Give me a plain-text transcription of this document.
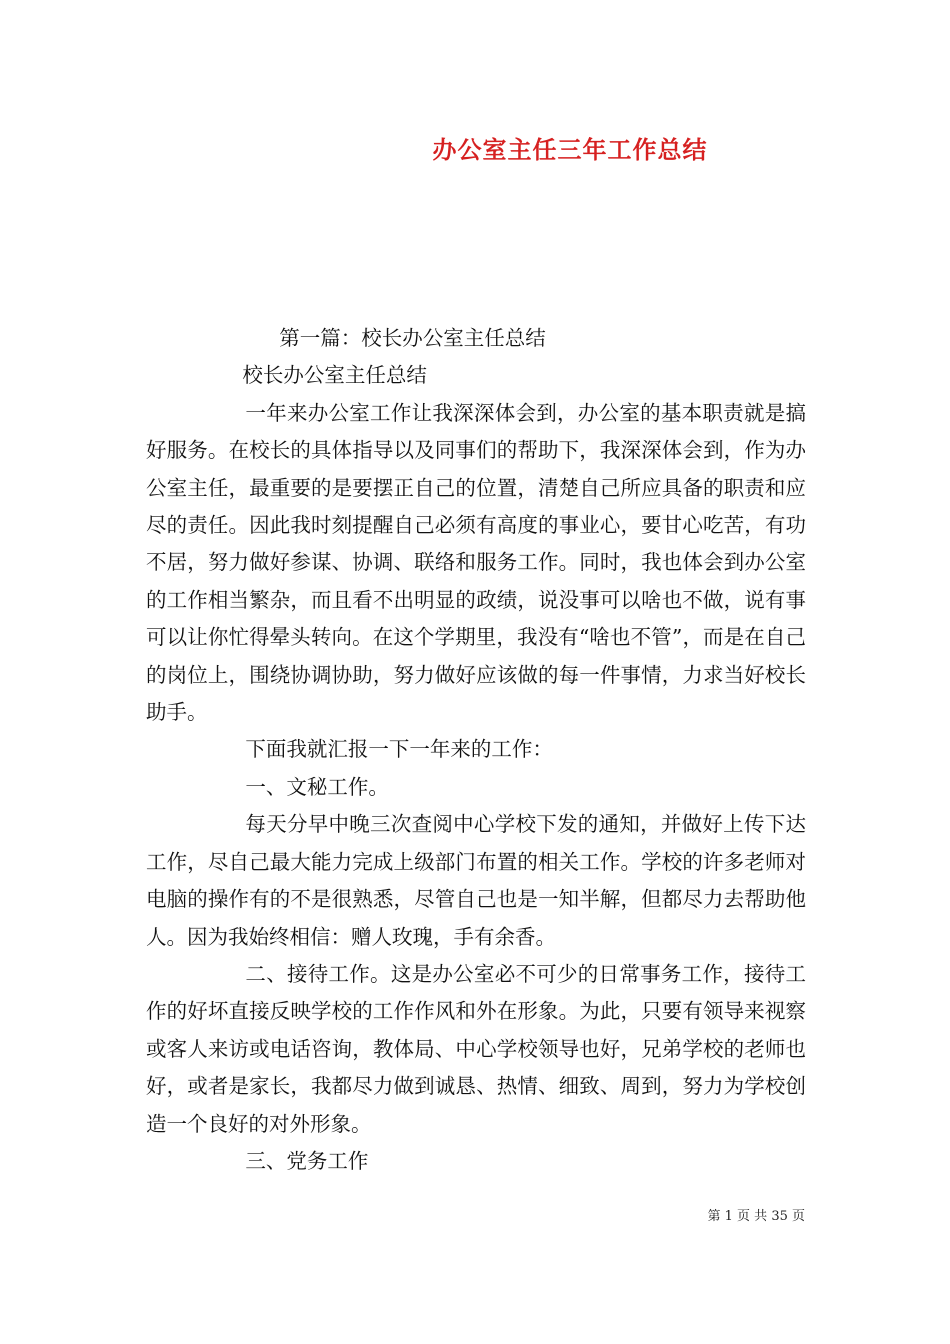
办公室主任三年工作总结

第一篇：校长办公室主任总结

校长办公室主任总结

一年来办公室工作让我深深体会到，办公室的基本职责就是搞好服务。在校长的具体指导以及同事们的帮助下，我深深体会到，作为办公室主任，最重要的是要摆正自己的位置，清楚自己所应具备的职责和应尽的责任。因此我时刻提醒自己必须有高度的事业心，要甘心吃苦，有功不居，努力做好参谋、协调、联络和服务工作。同时，我也体会到办公室的工作相当繁杂，而且看不出明显的政绩，说没事可以啥也不做，说有事可以让你忙得晕头转向。在这个学期里，我没有“啥也不管”，而是在自己的岗位上，围绕协调协助，努力做好应该做的每一件事情，力求当好校长助手。

下面我就汇报一下一年来的工作：

一、文秘工作。

每天分早中晚三次查阅中心学校下发的通知，并做好上传下达工作，尽自己最大能力完成上级部门布置的相关工作。学校的许多老师对电脑的操作有的不是很熟悉，尽管自己也是一知半解，但都尽力去帮助他人。因为我始终相信：赠人玫瑰，手有余香。

二、接待工作。这是办公室必不可少的日常事务工作，接待工作的好坏直接反映学校的工作作风和外在形象。为此，只要有领导来视察或客人来访或电话咨询，教体局、中心学校领导也好，兄弟学校的老师也好，或者是家长，我都尽力做到诚恳、热情、细致、周到，努力为学校创造一个良好的对外形象。

三、党务工作

第 1 页 共 35 页
